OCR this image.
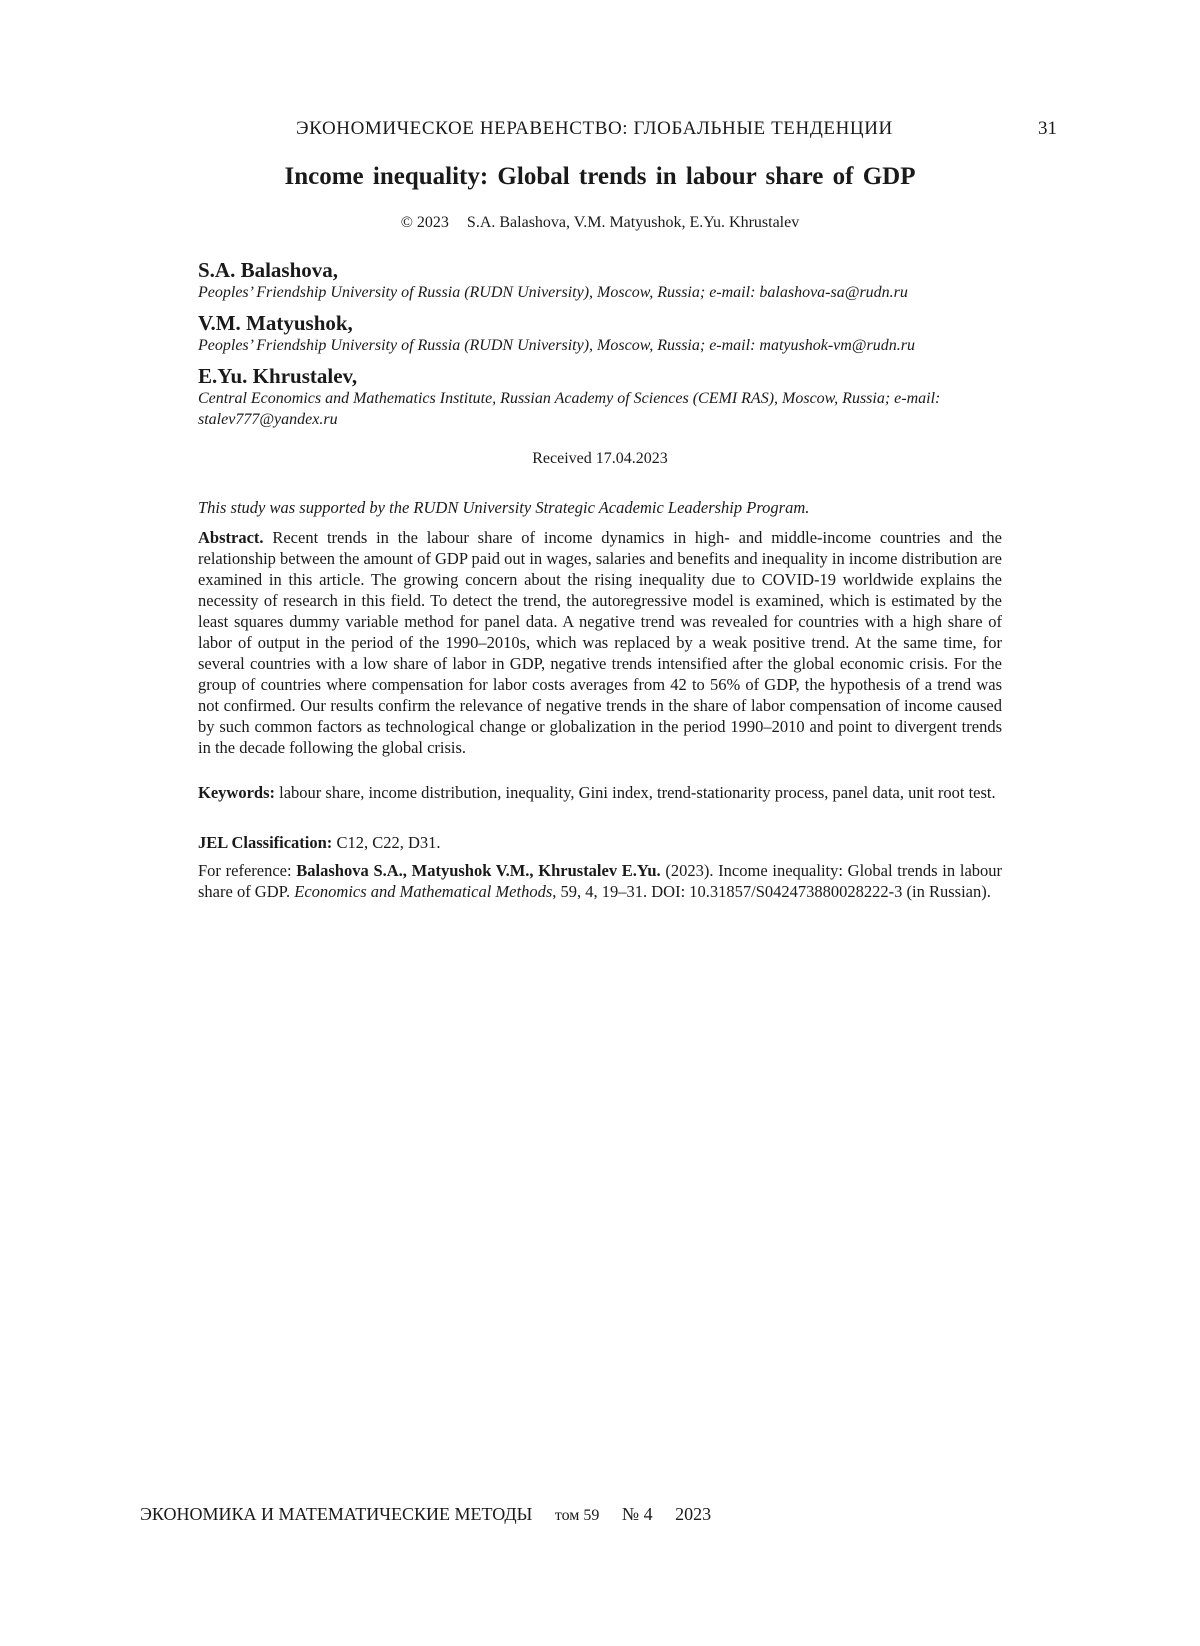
ЭКОНОМИЧЕСКОЕ НЕРАВЕНСТВО: ГЛОБАЛЬНЫЕ ТЕНДЕНЦИИ	31
Income inequality: Global trends in labour share of GDP
© 2023 S.A. Balashova, V.M. Matyushok, E.Yu. Khrustalev
S.A. Balashova,
Peoples’ Friendship University of Russia (RUDN University), Moscow, Russia; e-mail: balashova-sa@rudn.ru
V.M. Matyushok,
Peoples’ Friendship University of Russia (RUDN University), Moscow, Russia; e-mail: matyushok-vm@rudn.ru
E.Yu. Khrustalev,
Central Economics and Mathematics Institute, Russian Academy of Sciences (CEMI RAS), Moscow, Russia; e-mail: stalev777@yandex.ru
Received 17.04.2023
This study was supported by the RUDN University Strategic Academic Leadership Program.
Abstract. Recent trends in the labour share of income dynamics in high- and middle-income countries and the relationship between the amount of GDP paid out in wages, salaries and benefits and inequality in income distribution are examined in this article. The growing concern about the rising inequality due to COVID-19 worldwide explains the necessity of research in this field. To detect the trend, the autoregressive model is examined, which is estimated by the least squares dummy variable method for panel data. A negative trend was revealed for countries with a high share of labor of output in the period of the 1990–2010s, which was replaced by a weak positive trend. At the same time, for several countries with a low share of labor in GDP, negative trends intensified after the global economic crisis. For the group of countries where compensation for labor costs averages from 42 to 56% of GDP, the hypothesis of a trend was not confirmed. Our results confirm the relevance of negative trends in the share of labor compensation of income caused by such common factors as technological change or globalization in the period 1990–2010 and point to divergent trends in the decade following the global crisis.
Keywords: labour share, income distribution, inequality, Gini index, trend-stationarity process, panel data, unit root test.
JEL Classification: C12, C22, D31.
For reference: Balashova S.A., Matyushok V.M., Khrustalev E.Yu. (2023). Income inequality: Global trends in labour share of GDP. Economics and Mathematical Methods, 59, 4, 19–31. DOI: 10.31857/S042473880028222-3 (in Russian).
ЭКОНОМИКА И МАТЕМАТИЧЕСКИЕ МЕТОДЫ том 59 № 4 2023
